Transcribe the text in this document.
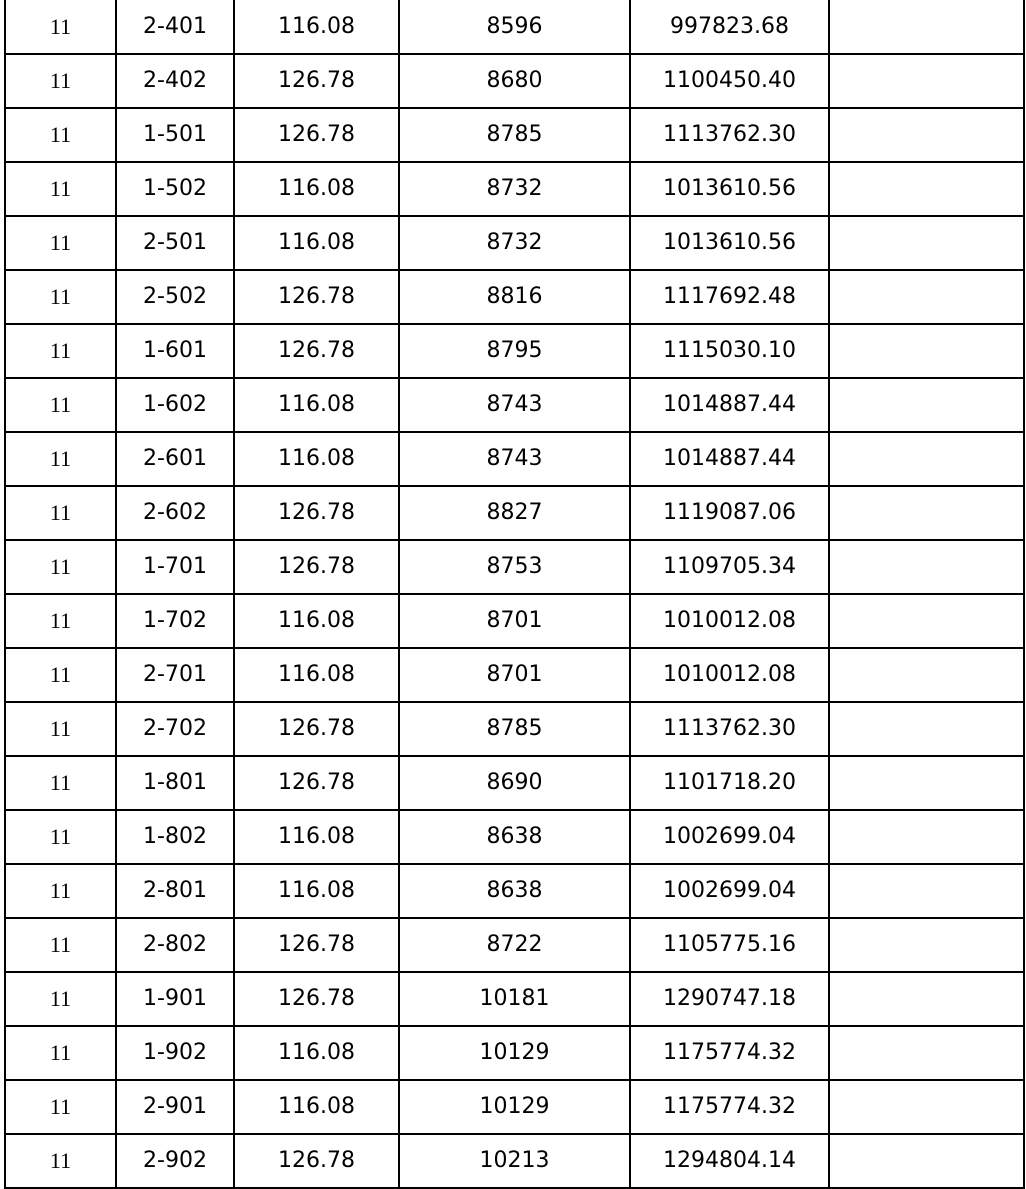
11	2-401	116.08	8596	997823.68	
11	2-402	126.78	8680	1100450.40	
11	1-501	126.78	8785	1113762.30	
11	1-502	116.08	8732	1013610.56	
11	2-501	116.08	8732	1013610.56	
11	2-502	126.78	8816	1117692.48	
11	1-601	126.78	8795	1115030.10	
11	1-602	116.08	8743	1014887.44	
11	2-601	116.08	8743	1014887.44	
11	2-602	126.78	8827	1119087.06	
11	1-701	126.78	8753	1109705.34	
11	1-702	116.08	8701	1010012.08	
11	2-701	116.08	8701	1010012.08	
11	2-702	126.78	8785	1113762.30	
11	1-801	126.78	8690	1101718.20	
11	1-802	116.08	8638	1002699.04	
11	2-801	116.08	8638	1002699.04	
11	2-802	126.78	8722	1105775.16	
11	1-901	126.78	10181	1290747.18	
11	1-902	116.08	10129	1175774.32	
11	2-901	116.08	10129	1175774.32	
11	2-902	126.78	10213	1294804.14	
